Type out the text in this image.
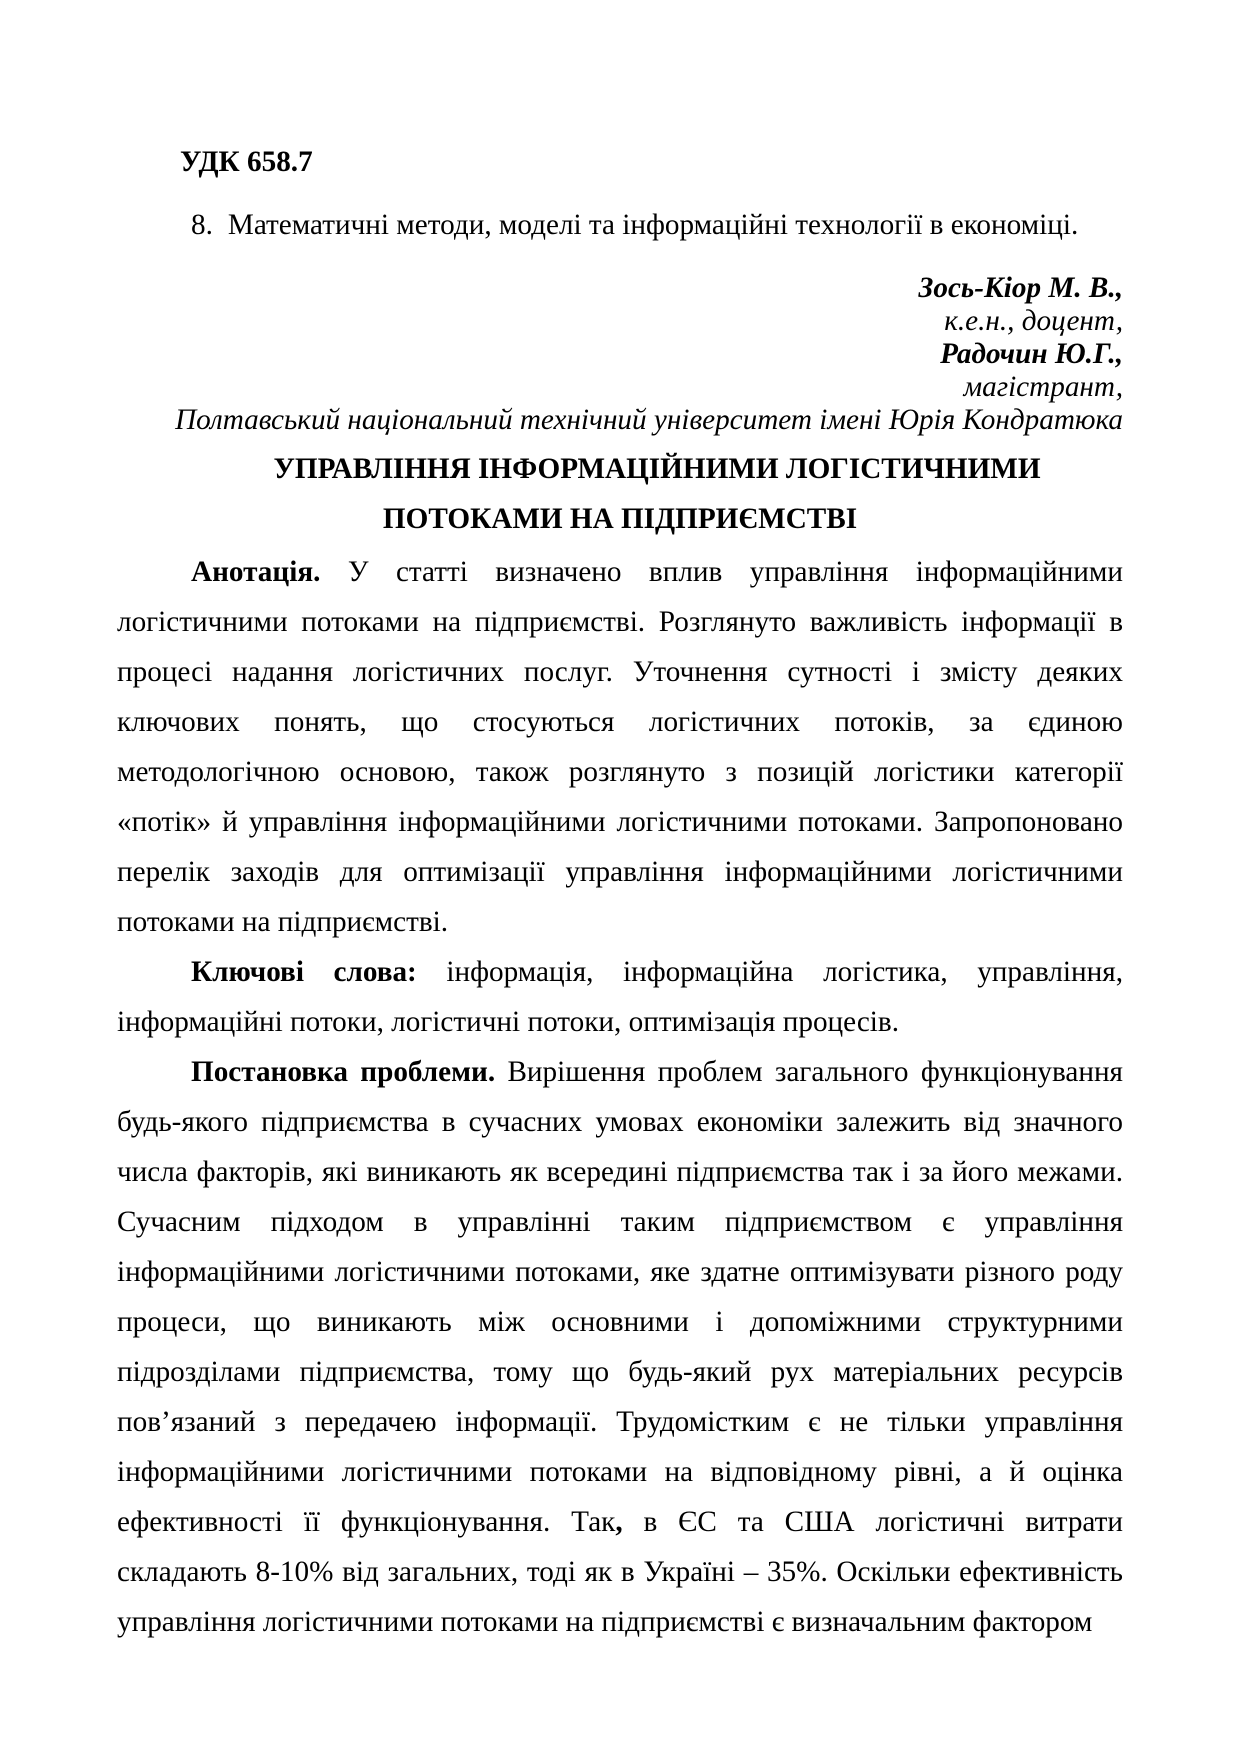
УДК 658.7

8. Математичні методи, моделі та інформаційні технології в економіці.

Зось-Кіор М. В.,
к.е.н., доцент,
Радочин Ю.Г.,
магістрант,
Полтавський національний технічний університет імені Юрія Кондратюка
УПРАВЛІННЯ ІНФОРМАЦІЙНИМИ ЛОГІСТИЧНИМИ ПОТОКАМИ НА ПІДПРИЄМСТВІ

Анотація. У статті визначено вплив управління інформаційними логістичними потоками на підприємстві. Розглянуто важливість інформації в процесі надання логістичних послуг. Уточнення сутності і змісту деяких ключових понять, що стосуються логістичних потоків, за єдиною методологічною основою, також розглянуто з позицій логістики категорії «потік» й управління інформаційними логістичними потоками. Запропоновано перелік заходів для оптимізації управління інформаційними логістичними потоками на підприємстві.

Ключові слова: інформація, інформаційна логістика, управління, інформаційні потоки, логістичні потоки, оптимізація процесів.

Постановка проблеми. Вирішення проблем загального функціонування будь-якого підприємства в сучасних умовах економіки залежить від значного числа факторів, які виникають як всередині підприємства так і за його межами. Сучасним підходом в управлінні таким підприємством є управління інформаційними логістичними потоками, яке здатне оптимізувати різного роду процеси, що виникають між основними і допоміжними структурними підрозділами підприємства, тому що будь-який рух матеріальних ресурсів пов’язаний з передачею інформації. Трудомістким є не тільки управління інформаційними логістичними потоками на відповідному рівні, а й оцінка ефективності її функціонування. Так, в ЄС та США логістичні витрати складають 8-10% від загальних, тоді як в Україні – 35%. Оскільки ефективність управління логістичними потоками на підприємстві є визначальним фактором
